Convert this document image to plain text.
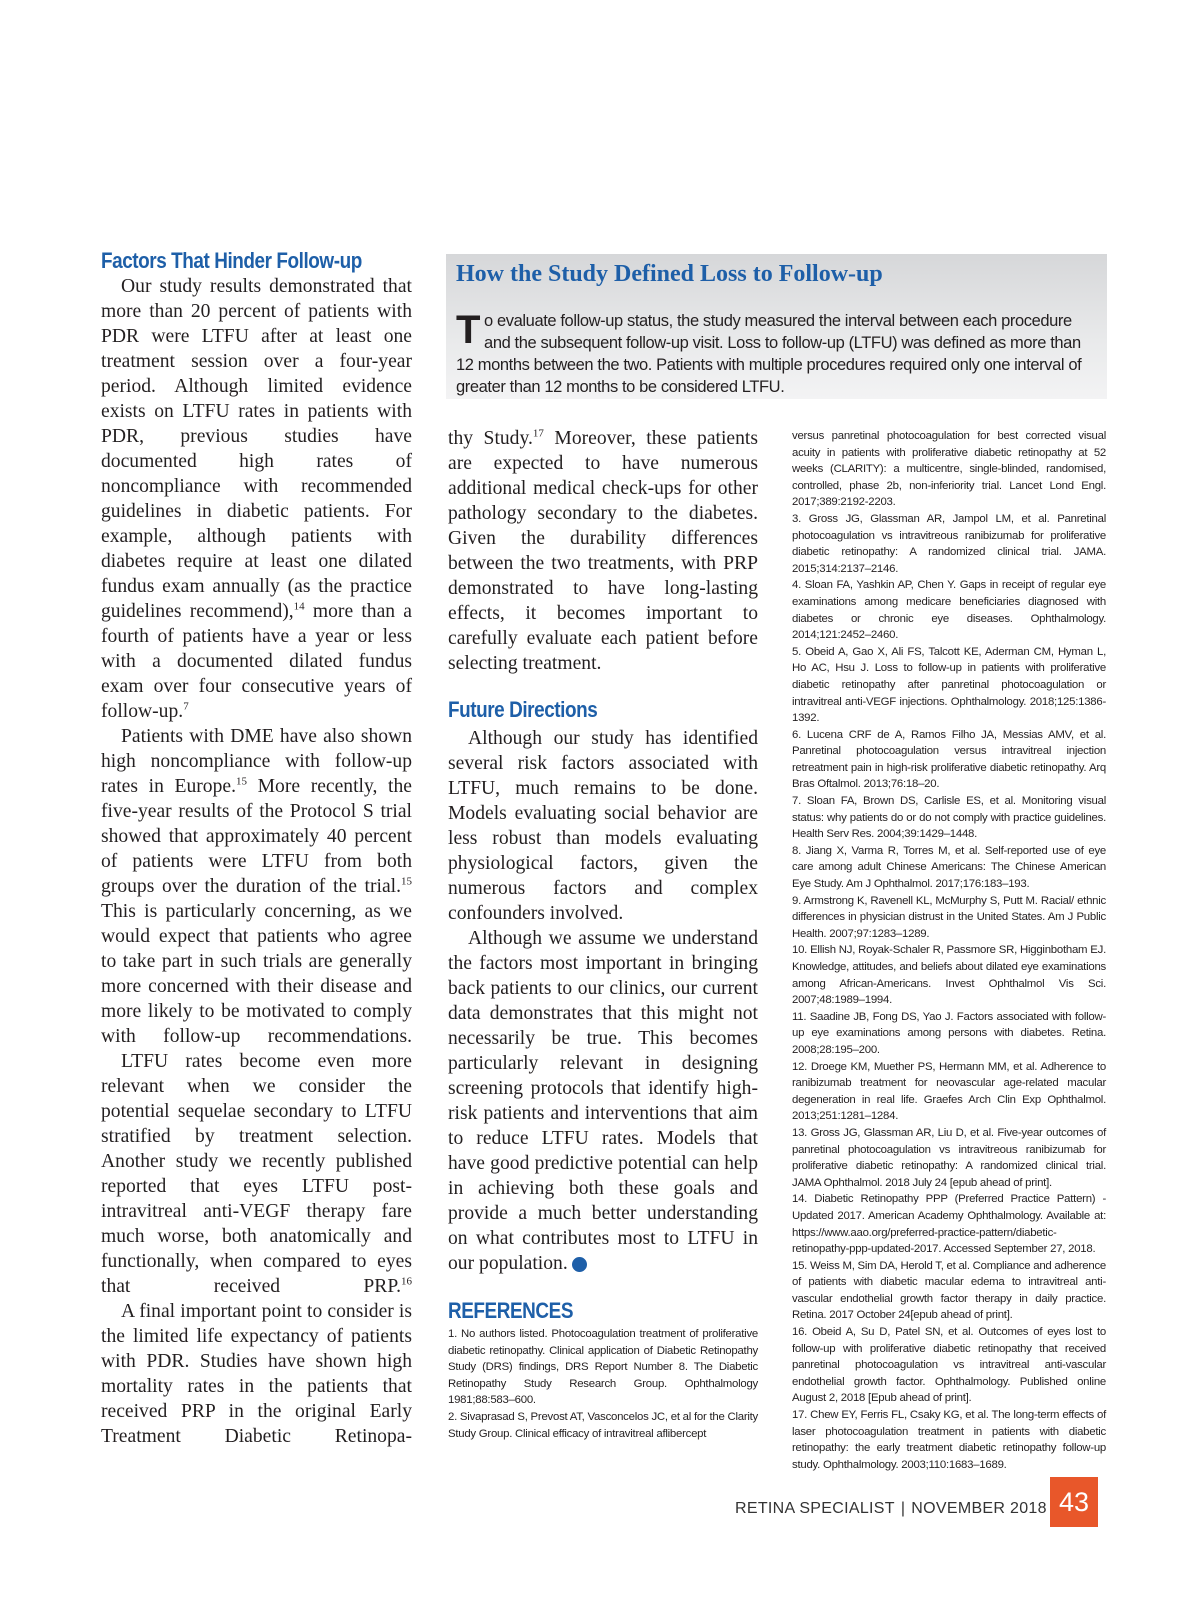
Factors That Hinder Follow-up

Our study results demonstrated that more than 20 percent of patients with PDR were LTFU after at least one treatment session over a four-year period. Although limited evidence exists on LTFU rates in patients with PDR, previous studies have documented high rates of noncompliance with recommended guidelines in diabetic patients. For example, although patients with diabetes require at least one dilated fundus exam annually (as the practice guidelines recommend),$^{14}$ more than a fourth of patients have a year or less with a documented dilated fundus exam over four consecutive years of follow-up.$^7$

Patients with DME have also shown high noncompliance with follow-up rates in Europe.$^{15}$ More recently, the five-year results of the Protocol S trial showed that approximately 40 percent of patients were LTFU from both groups over the duration of the trial.$^{15}$ This is particularly concerning, as we would expect that patients who agree to take part in such trials are generally more concerned with their disease and more likely to be motivated to comply with follow-up recommendations.

LTFU rates become even more relevant when we consider the potential sequelae secondary to LTFU stratified by treatment selection. Another study we recently published reported that eyes LTFU post-intravitreal anti-VEGF therapy fare much worse, both anatomically and functionally, when compared to eyes that received PRP.$^{16}$

A final important point to consider is the limited life expectancy of patients with PDR. Studies have shown high mortality rates in the patients that received PRP in the original Early Treatment Diabetic Retinopa-

How the Study Defined Loss to Follow-up
To evaluate follow-up status, the study measured the interval between each procedure and the subsequent follow-up visit. Loss to follow-up (LTFU) was defined as more than 12 months between the two. Patients with multiple procedures required only one interval of greater than 12 months to be considered LTFU.

thy Study.$^{17}$ Moreover, these patients are expected to have numerous additional medical check-ups for other pathology secondary to the diabetes. Given the durability differences between the two treatments, with PRP demonstrated to have long-lasting effects, it becomes important to carefully evaluate each patient before selecting treatment.

Future Directions

Although our study has identified several risk factors associated with LTFU, much remains to be done. Models evaluating social behavior are less robust than models evaluating physiological factors, given the numerous factors and complex confounders involved.

Although we assume we understand the factors most important in bringing back patients to our clinics, our current data demonstrates that this might not necessarily be true. This becomes particularly relevant in designing screening protocols that identify high-risk patients and interventions that aim to reduce LTFU rates. Models that have good predictive potential can help in achieving both these goals and provide a much better understanding on what contributes most to LTFU in our population.	RS

REFERENCES
1. No authors listed. Photocoagulation treatment of proliferative diabetic retinopathy. Clinical application of Diabetic Retinopathy Study (DRS) findings, DRS Report Number 8. The Diabetic Retinopathy Study Research Group. Ophthalmology 1981;88:583–600.
2. Sivaprasad S, Prevost AT, Vasconcelos JC, et al for the Clarity Study Group. Clinical efficacy of intravitreal aflibercept
versus panretinal photocoagulation for best corrected visual acuity in patients with proliferative diabetic retinopathy at 52 weeks (CLARITY): a multicentre, single-blinded, randomised, controlled, phase 2b, non-inferiority trial. Lancet Lond Engl. 2017;389:2192-2203.
3. Gross JG, Glassman AR, Jampol LM, et al. Panretinal photocoagulation vs intravitreous ranibizumab for proliferative diabetic retinopathy: A randomized clinical trial. JAMA. 2015;314:2137–2146.
4. Sloan FA, Yashkin AP, Chen Y. Gaps in receipt of regular eye examinations among medicare beneficiaries diagnosed with diabetes or chronic eye diseases. Ophthalmology. 2014;121:2452–2460.
5. Obeid A, Gao X, Ali FS, Talcott KE, Aderman CM, Hyman L, Ho AC, Hsu J. Loss to follow-up in patients with proliferative diabetic retinopathy after panretinal photocoagulation or intravitreal anti-VEGF injections. Ophthalmology. 2018;125:1386-1392.
6. Lucena CRF de A, Ramos Filho JA, Messias AMV, et al. Panretinal photocoagulation versus intravitreal injection retreatment pain in high-risk proliferative diabetic retinopathy. Arq Bras Oftalmol. 2013;76:18–20.
7. Sloan FA, Brown DS, Carlisle ES, et al. Monitoring visual status: why patients do or do not comply with practice guidelines. Health Serv Res. 2004;39:1429–1448.
8. Jiang X, Varma R, Torres M, et al. Self-reported use of eye care among adult Chinese Americans: The Chinese American Eye Study. Am J Ophthalmol. 2017;176:183–193.
9. Armstrong K, Ravenell KL, McMurphy S, Putt M. Racial/ ethnic differences in physician distrust in the United States. Am J Public Health. 2007;97:1283–1289.
10. Ellish NJ, Royak-Schaler R, Passmore SR, Higginbotham EJ. Knowledge, attitudes, and beliefs about dilated eye examinations among African-Americans. Invest Ophthalmol Vis Sci. 2007;48:1989–1994.
11. Saadine JB, Fong DS, Yao J. Factors associated with follow-up eye examinations among persons with diabetes. Retina. 2008;28:195–200.
12. Droege KM, Muether PS, Hermann MM, et al. Adherence to ranibizumab treatment for neovascular age-related macular degeneration in real life. Graefes Arch Clin Exp Ophthalmol. 2013;251:1281–1284.
13. Gross JG, Glassman AR, Liu D, et al. Five-year outcomes of panretinal photocoagulation vs intravitreous ranibizumab for proliferative diabetic retinopathy: A randomized clinical trial. JAMA Ophthalmol. 2018 July 24 [epub ahead of print].
14. Diabetic Retinopathy PPP (Preferred Practice Pattern) - Updated 2017. American Academy Ophthalmology. Available at: https://www.aao.org/preferred-practice-pattern/diabetic-retinopathy-ppp-updated-2017. Accessed September 27, 2018.
15. Weiss M, Sim DA, Herold T, et al. Compliance and adherence of patients with diabetic macular edema to intravitreal anti-vascular endothelial growth factor therapy in daily practice. Retina. 2017 October 24[epub ahead of print].
16. Obeid A, Su D, Patel SN, et al. Outcomes of eyes lost to follow-up with proliferative diabetic retinopathy that received panretinal photocoagulation vs intravitreal anti-vascular endothelial growth factor. Ophthalmology. Published online August 2, 2018 [Epub ahead of print].
17. Chew EY, Ferris FL, Csaky KG, et al. The long-term effects of laser photocoagulation treatment in patients with diabetic retinopathy: the early treatment diabetic retinopathy follow-up study. Ophthalmology. 2003;110:1683–1689.
RETINA SPECIALIST | NOVEMBER 2018 43
